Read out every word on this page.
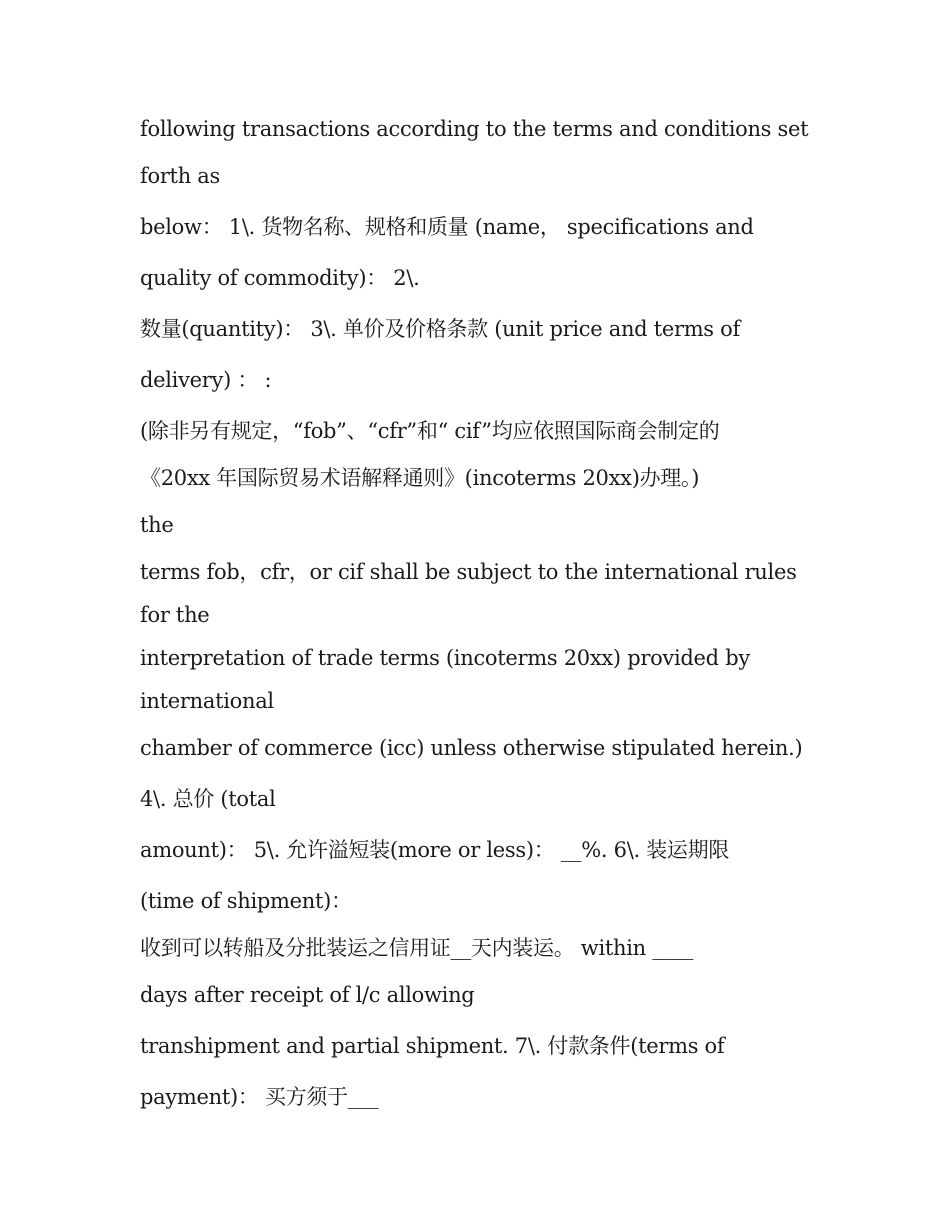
following transactions according to the terms and conditions set
forth as
below： 1\. 货物名称、规格和质量 (name， specifications and
quality of commodity)： 2\.
数量(quantity)： 3\. 单价及价格条款 (unit price and terms of
delivery) ： :
(除非另有规定，“fob”、“cfr”和“ cif”均应依照国际商会制定的
《20xx 年国际贸易术语解释通则》(incoterms 20xx)办理。)
the
terms fob，cfr，or cif shall be subject to the international rules
for the
interpretation of trade terms (incoterms 20xx) provided by
international
chamber of commerce (icc) unless otherwise stipulated herein.)
4\. 总价 (total
amount)： 5\. 允许溢短装(more or less)： __%. 6\. 装运期限
(time of shipment)：
收到可以转船及分批装运之信用证__天内装运。 within ____
days after receipt of l/c allowing
transhipment and partial shipment. 7\. 付款条件(terms of
payment)： 买方须于___
